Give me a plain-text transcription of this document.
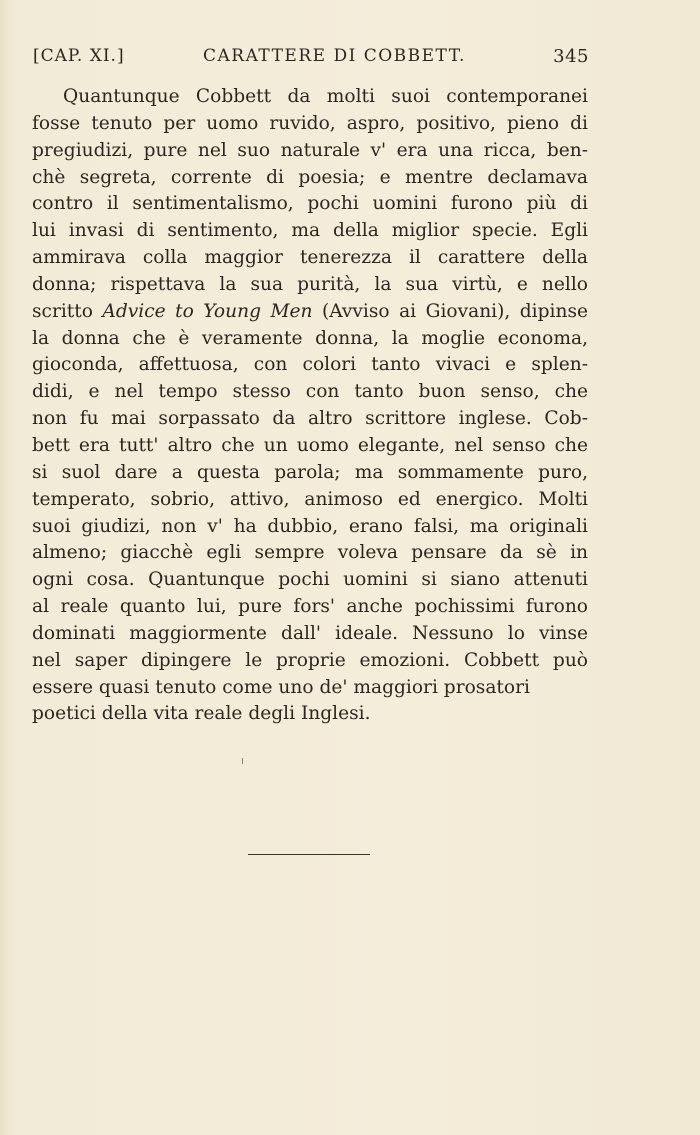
[CAP. XI.]	CARATTERE DI COBBETT.	345
Quantunque Cobbett da molti suoi contemporanei
fosse tenuto per uomo ruvido, aspro, positivo, pieno di
pregiudizi, pure nel suo naturale v' era una ricca, ben-
chè segreta, corrente di poesia; e mentre declamava
contro il sentimentalismo, pochi uomini furono più di
lui invasi di sentimento, ma della miglior specie. Egli
ammirava colla maggior tenerezza il carattere della
donna; rispettava la sua purità, la sua virtù, e nello
scritto Advice to Young Men (Avviso ai Giovani), dipinse
la donna che è veramente donna, la moglie economa,
gioconda, affettuosa, con colori tanto vivaci e splen-
didi, e nel tempo stesso con tanto buon senso, che
non fu mai sorpassato da altro scrittore inglese. Cob-
bett era tutt' altro che un uomo elegante, nel senso che
si suol dare a questa parola; ma sommamente puro,
temperato, sobrio, attivo, animoso ed energico. Molti
suoi giudizi, non v' ha dubbio, erano falsi, ma originali
almeno; giacchè egli sempre voleva pensare da sè in
ogni cosa. Quantunque pochi uomini si siano attenuti
al reale quanto lui, pure fors' anche pochissimi furono
dominati maggiormente dall' ideale. Nessuno lo vinse
nel saper dipingere le proprie emozioni. Cobbett può
essere quasi tenuto come uno de' maggiori prosatori
poetici della vita reale degli Inglesi.
